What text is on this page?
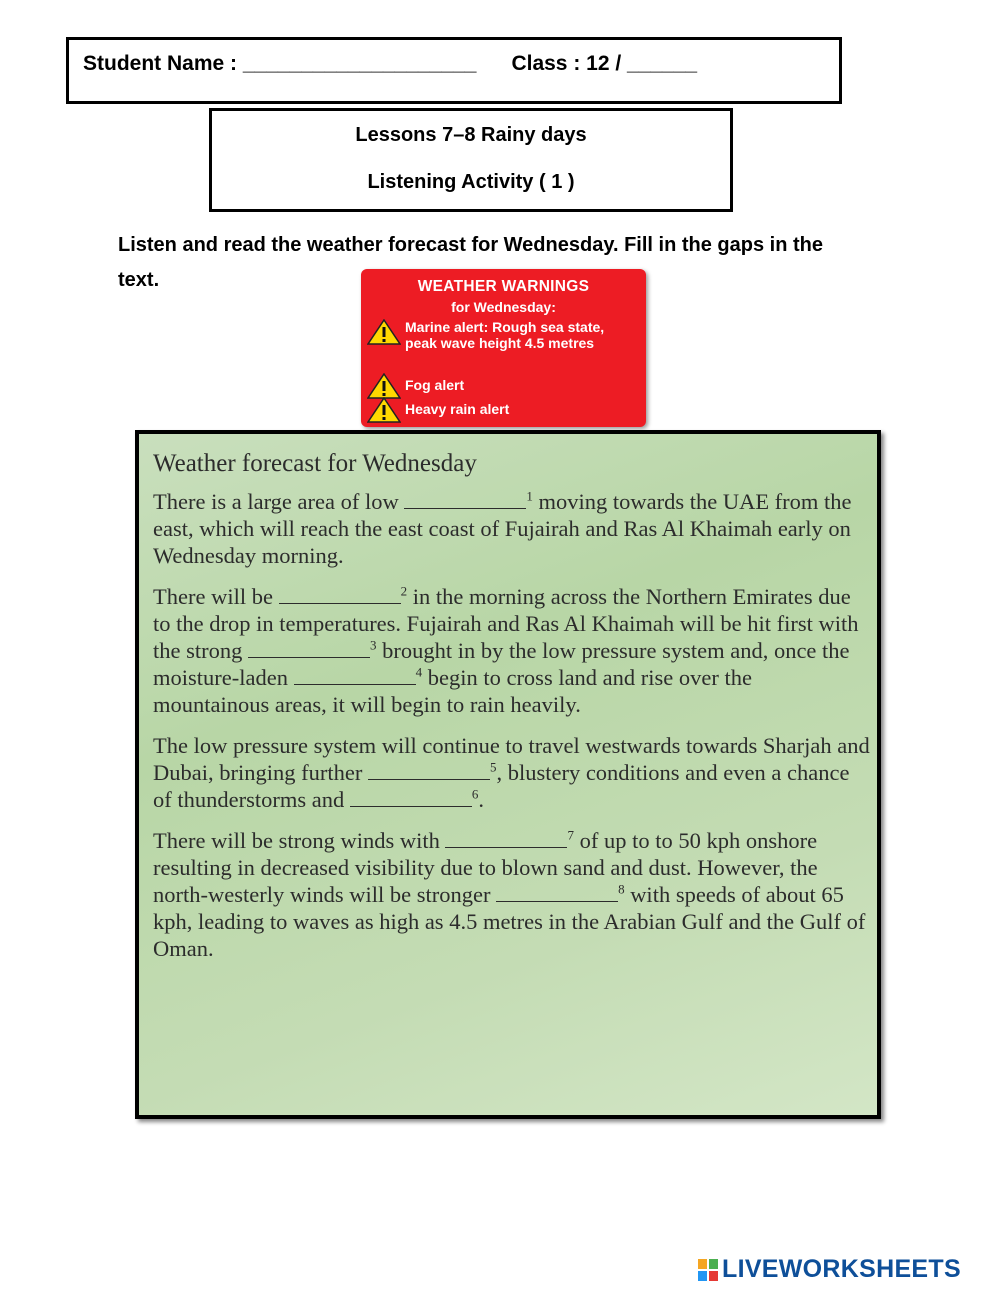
Student Name : ____________________ Class : 12 / ______
Lessons 7–8 Rainy days
Listening Activity ( 1 )
Listen and read the weather forecast for Wednesday. Fill in the gaps in the text.	WEATHER WARNINGS
for Wednesday:
Marine alert: Rough sea state, peak wave height 4.5 metres
Fog alert
Heavy rain alert
Weather forecast for Wednesday

There is a large area of low	$^1$ moving towards the UAE from the east, which will reach the east coast of Fujairah and Ras Al Khaimah early on Wednesday morning.

There will be	$^2$ in the morning across the Northern Emirates due to the drop in temperatures. Fujairah and Ras Al Khaimah will be hit first with the strong	$^3$ brought in by the low pressure system and, once the moisture-laden	$^4$ begin to cross land and rise over the mountainous areas, it will begin to rain heavily.

The low pressure system will continue to travel westwards towards Sharjah and Dubai, bringing further	$^5$, blustery conditions and even a chance of thunderstorms and	$^6$.

There will be strong winds with	$^7$ of up to to 50 kph onshore resulting in decreased visibility due to blown sand and dust. However, the north-westerly winds will be stronger	$^8$ with speeds of about 65 kph, leading to waves as high as 4.5 metres in the Arabian Gulf and the Gulf of Oman.

LIVEWORKSHEETS
